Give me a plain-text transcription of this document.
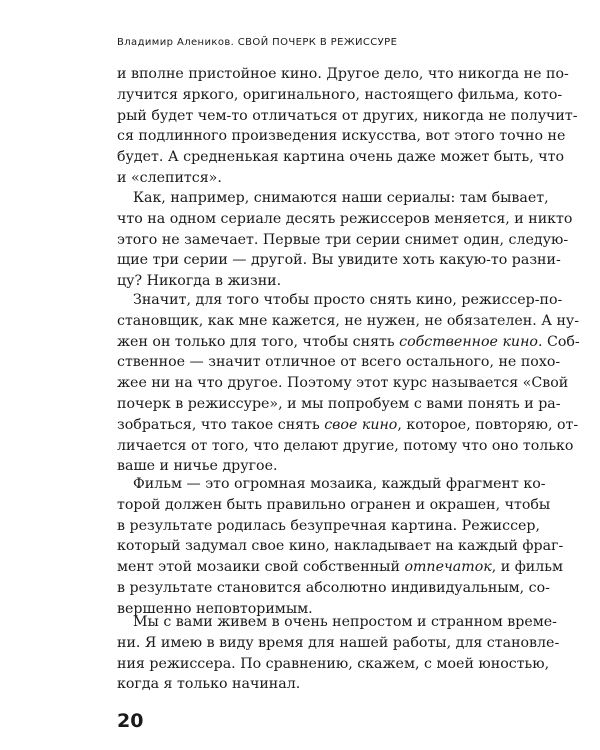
Владимир Алеников. СВОЙ ПОЧЕРК В РЕЖИССУРЕ
и вполне пристойное кино. Другое дело, что никогда не по-
лучится яркого, оригинального, настоящего фильма, кото-
рый будет чем-то отличаться от других, никогда не получит-
ся подлинного произведения искусства, вот этого точно не
будет. А средненькая картина очень даже может быть, что
и «слепится».
Как, например, снимаются наши сериалы: там бывает,
что на одном сериале десять режиссеров меняется, и никто
этого не замечает. Первые три серии снимет один, следую-
щие три серии — другой. Вы увидите хоть какую-то разни-
цу? Никогда в жизни.
Значит, для того чтобы просто снять кино, режиссер-по-
становщик, как мне кажется, не нужен, не обязателен. А ну-
жен он только для того, чтобы снять собственное кино. Соб-
ственное — значит отличное от всего остального, не похо-
жее ни на что другое. Поэтому этот курс называется «Свой
почерк в режиссуре», и мы попробуем с вами понять и ра-
зобраться, что такое снять свое кино, которое, повторяю, от-
личается от того, что делают другие, потому что оно только
ваше и ничье другое.
Фильм — это огромная мозаика, каждый фрагмент ко-
торой должен быть правильно огранен и окрашен, чтобы
в результате родилась безупречная картина. Режиссер,
который задумал свое кино, накладывает на каждый фраг-
мент этой мозаики свой собственный отпечаток, и фильм
в результате становится абсолютно индивидуальным, со-
вершенно неповторимым.
Мы с вами живем в очень непростом и странном време-
ни. Я имею в виду время для нашей работы, для становле-
ния режиссера. По сравнению, скажем, с моей юностью,
когда я только начинал.
20
